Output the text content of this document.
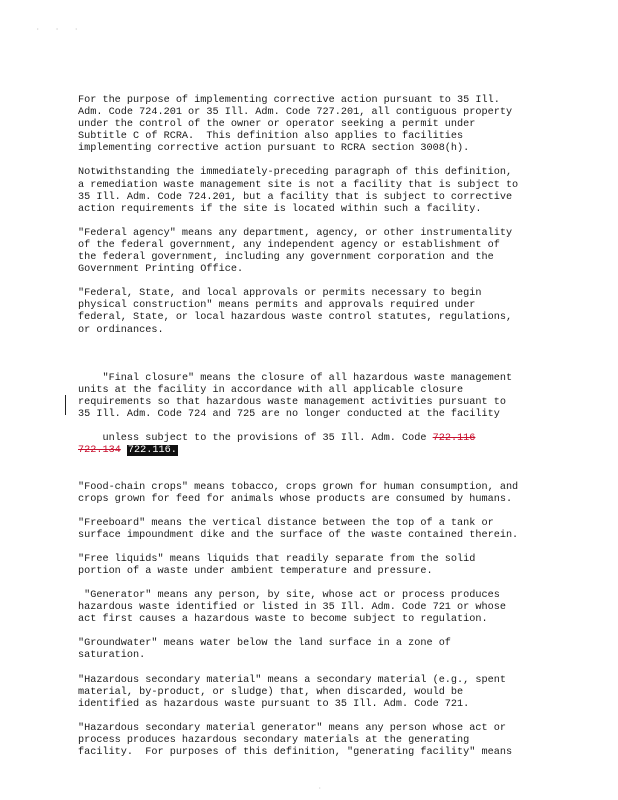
· · ·
For the purpose of implementing corrective action pursuant to 35 Ill.
Adm. Code 724.201 or 35 Ill. Adm. Code 727.201, all contiguous property
under the control of the owner or operator seeking a permit under
Subtitle C of RCRA.  This definition also applies to facilities
implementing corrective action pursuant to RCRA section 3008(h).
Notwithstanding the immediately-preceding paragraph of this definition,
a remediation waste management site is not a facility that is subject to
35 Ill. Adm. Code 724.201, but a facility that is subject to corrective
action requirements if the site is located within such a facility.
"Federal agency" means any department, agency, or other instrumentality
of the federal government, any independent agency or establishment of
the federal government, including any government corporation and the
Government Printing Office.
"Federal, State, and local approvals or permits necessary to begin
physical construction" means permits and approvals required under
federal, State, or local hazardous waste control statutes, regulations,
or ordinances.

"Final closure" means the closure of all hazardous waste management
units at the facility in accordance with all applicable closure
requirements so that hazardous waste management activities pursuant to
35 Ill. Adm. Code 724 and 725 are no longer conducted at the facility

unless subject to the provisions of 35 Ill. Adm. Code 722.116
722.134 722.116.

"Food-chain crops" means tobacco, crops grown for human consumption, and
crops grown for feed for animals whose products are consumed by humans.
"Freeboard" means the vertical distance between the top of a tank or
surface impoundment dike and the surface of the waste contained therein.
"Free liquids" means liquids that readily separate from the solid
portion of a waste under ambient temperature and pressure.
"Generator" means any person, by site, whose act or process produces
hazardous waste identified or listed in 35 Ill. Adm. Code 721 or whose
act first causes a hazardous waste to become subject to regulation.
"Groundwater" means water below the land surface in a zone of
saturation.
"Hazardous secondary material" means a secondary material (e.g., spent
material, by-product, or sludge) that, when discarded, would be
identified as hazardous waste pursuant to 35 Ill. Adm. Code 721.
"Hazardous secondary material generator" means any person whose act or
process produces hazardous secondary materials at the generating
facility.  For purposes of this definition, "generating facility" means
·
